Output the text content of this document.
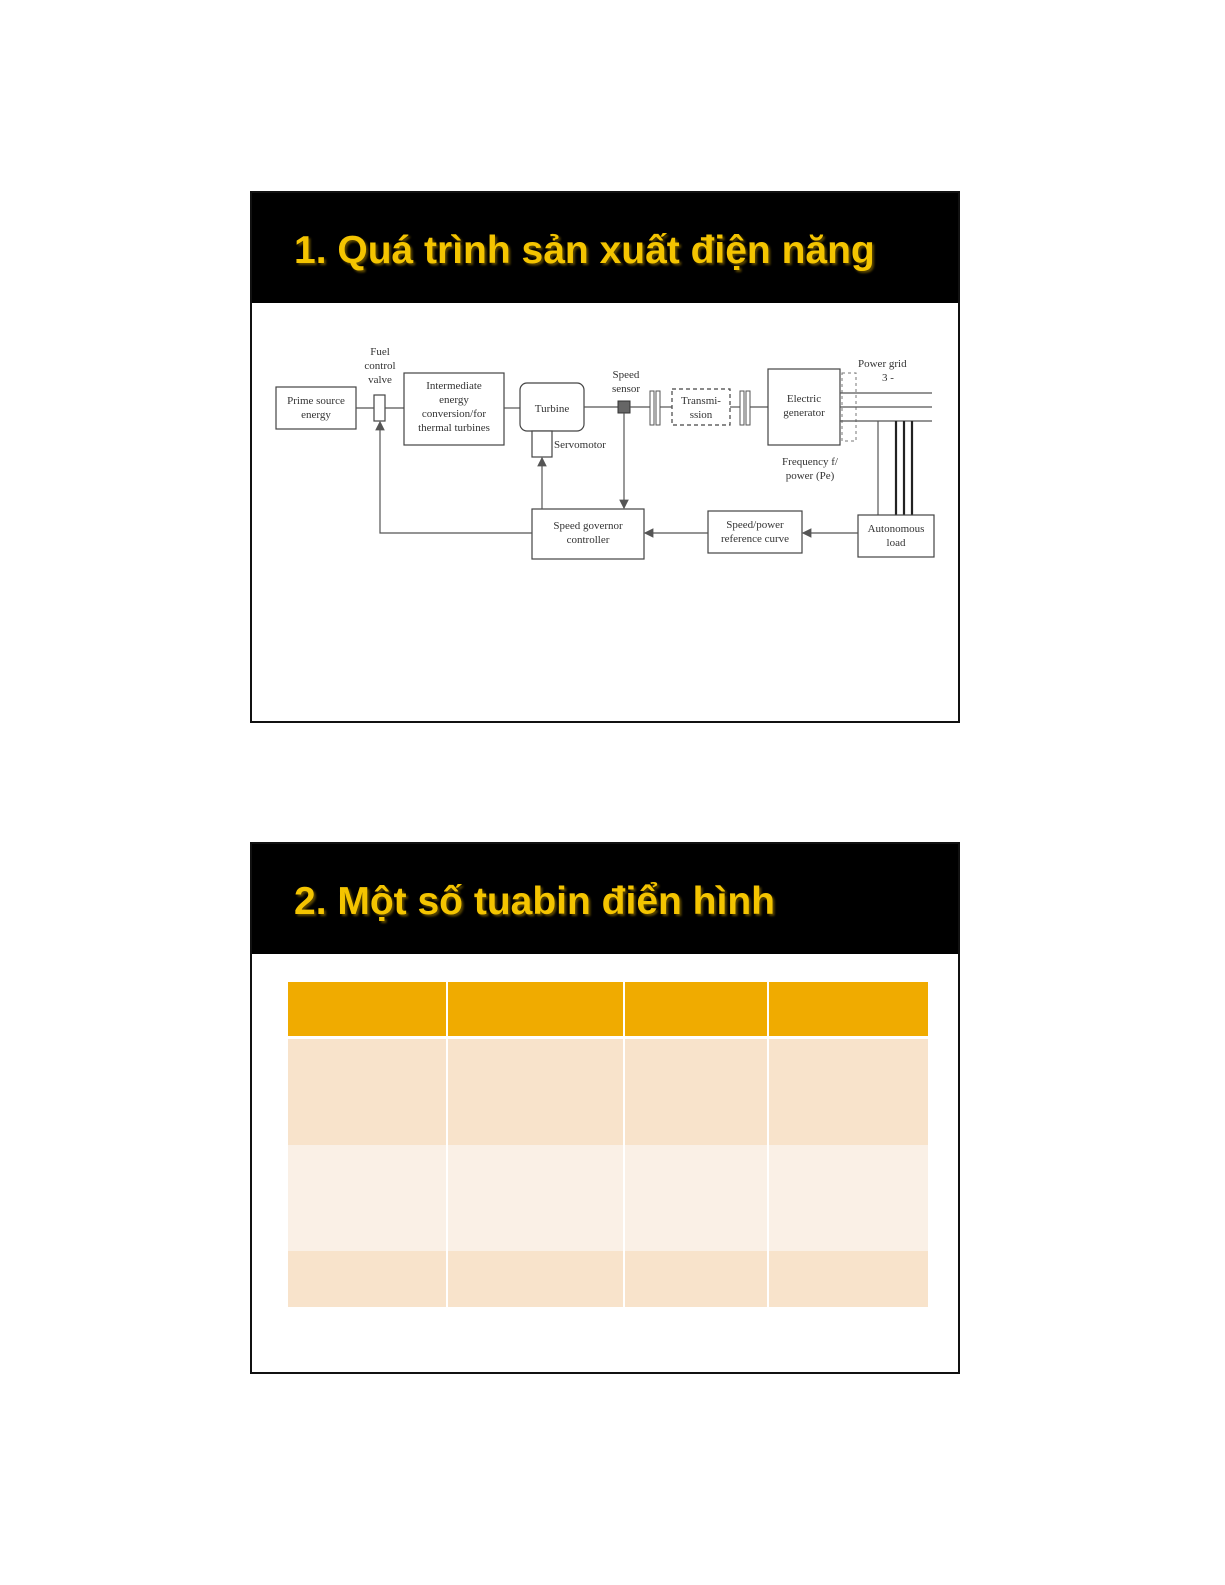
1. Quá trình sản xuất điện năng
Prime source
energy
Fuel
control
valve	Intermediate
energy
conversion/for
thermal turbines
Turbine
Servomotor
Speed
sensor
Transmi-
ssion
Electric
generator
Power grid
3 -
Frequency f/
power (Pe)
Autonomous
load
Speed/power
reference curve
Speed governor
controller
2. Một số tuabin điển hình
